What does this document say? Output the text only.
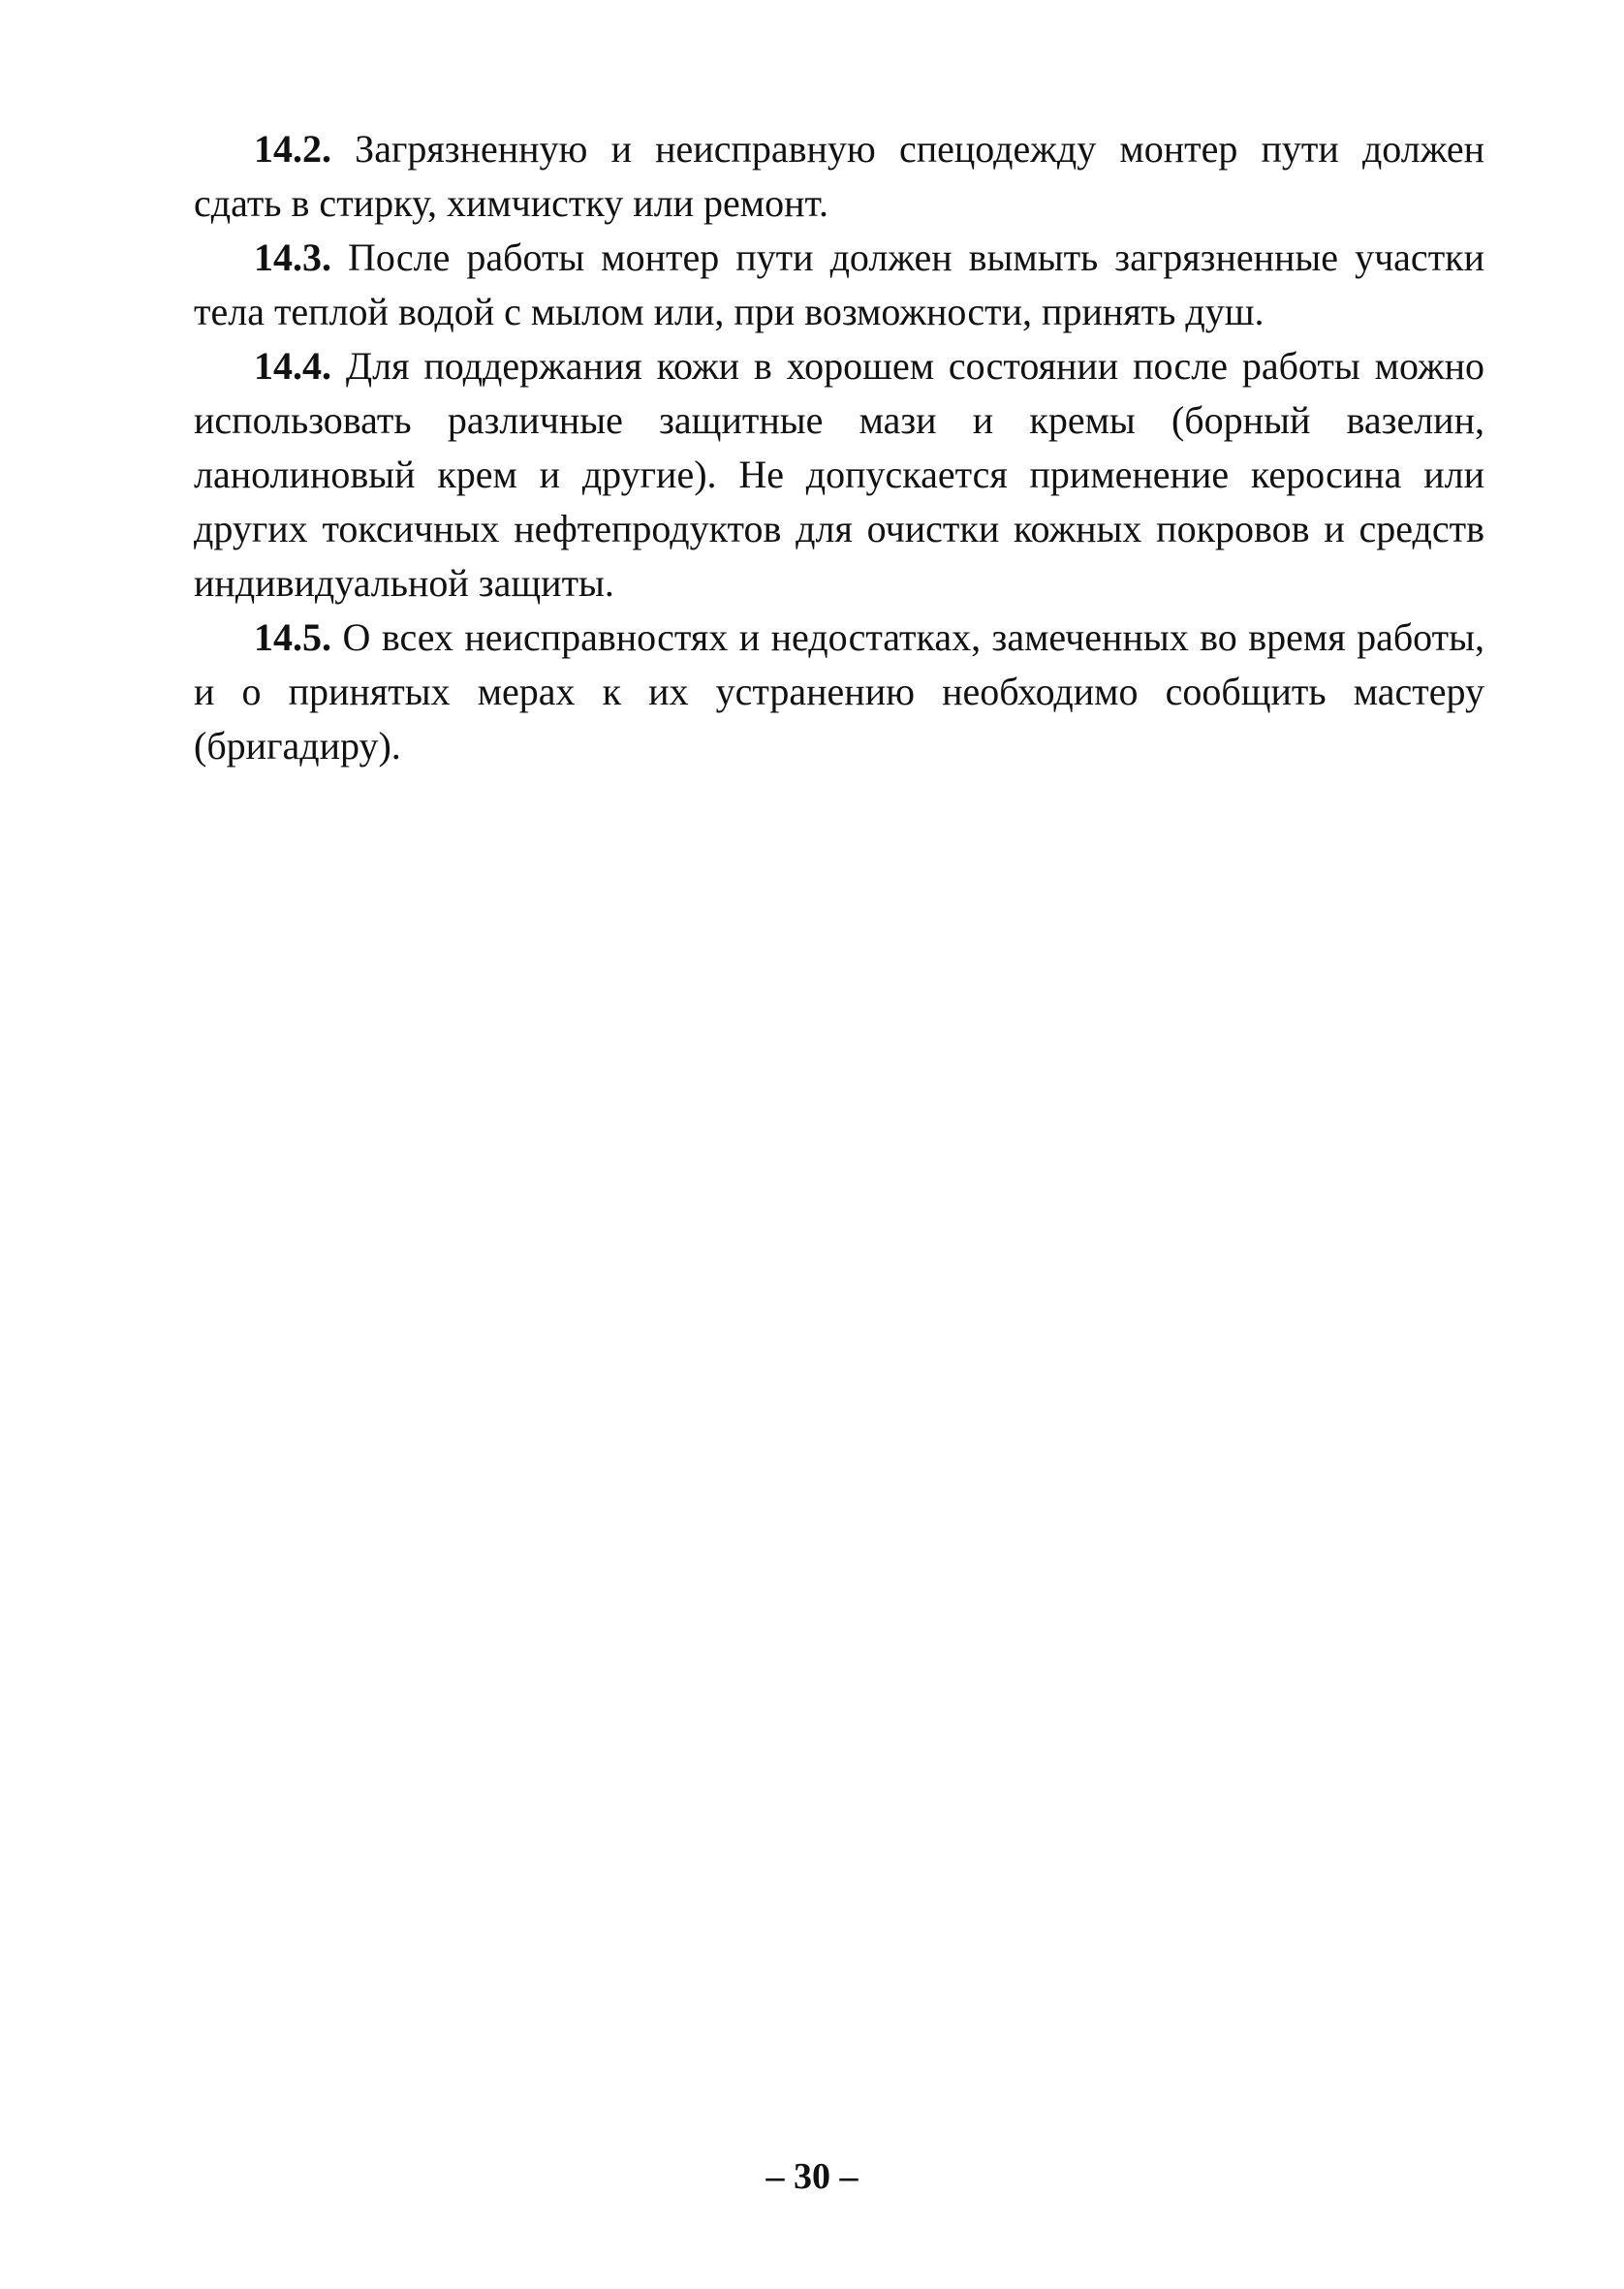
14.2. Загрязненную и неисправную спецодежду монтер пути должен сдать в стирку, химчистку или ремонт.

14.3. После работы монтер пути должен вымыть загрязненные участки тела теплой водой с мылом или, при возможности, принять душ.

14.4. Для поддержания кожи в хорошем состоянии после работы можно использовать различные защитные мази и кремы (борный вазелин, ланолиновый крем и другие). Не допускается применение керосина или других токсичных нефтепродуктов для очистки кожных покровов и средств индивидуальной защиты.

14.5. О всех неисправностях и недостатках, замеченных во время работы, и о принятых мерах к их устранению необходимо сообщить мастеру (бригадиру).

– 30 –
